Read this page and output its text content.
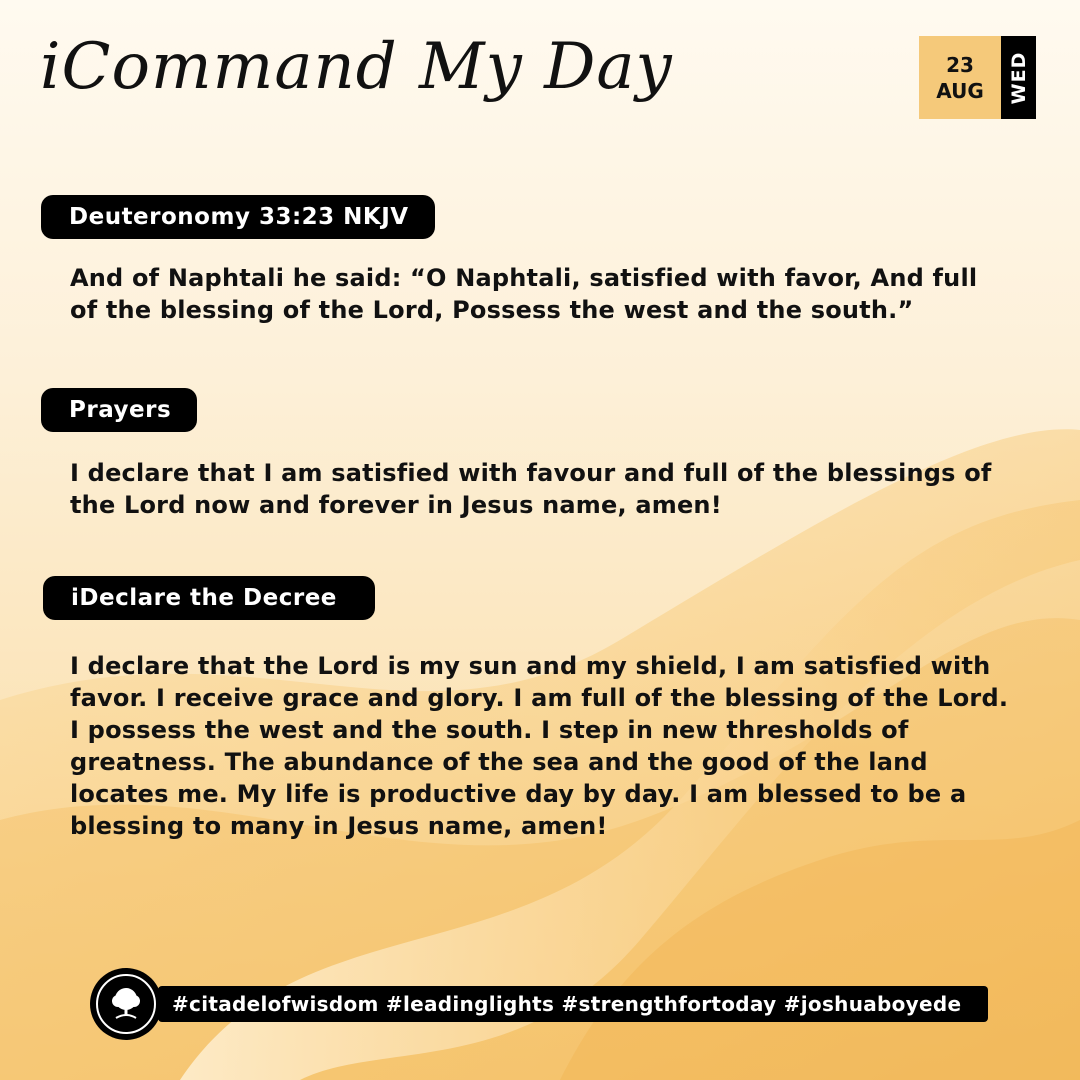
iCommand My Day	23
AUG WED
Deuteronomy 33:23 NKJV
And of Naphtali he said: “O Naphtali, satisfied with favor, And full of the blessing of the Lord, Possess the west and the south.”
Prayers
I declare that I am satisfied with favour and full of the blessings of the Lord now and forever in Jesus name, amen!
iDeclare the Decree
I declare that the Lord is my sun and my shield, I am satisfied with favor. I receive grace and glory. I am full of the blessing of the Lord. I possess the west and the south. I step in new thresholds of greatness. The abundance of the sea and the good of the land locates me. My life is productive day by day. I am blessed to be a blessing to many in Jesus name, amen!
#citadelofwisdom #leadinglights #strengthfortoday #joshuaboyede
